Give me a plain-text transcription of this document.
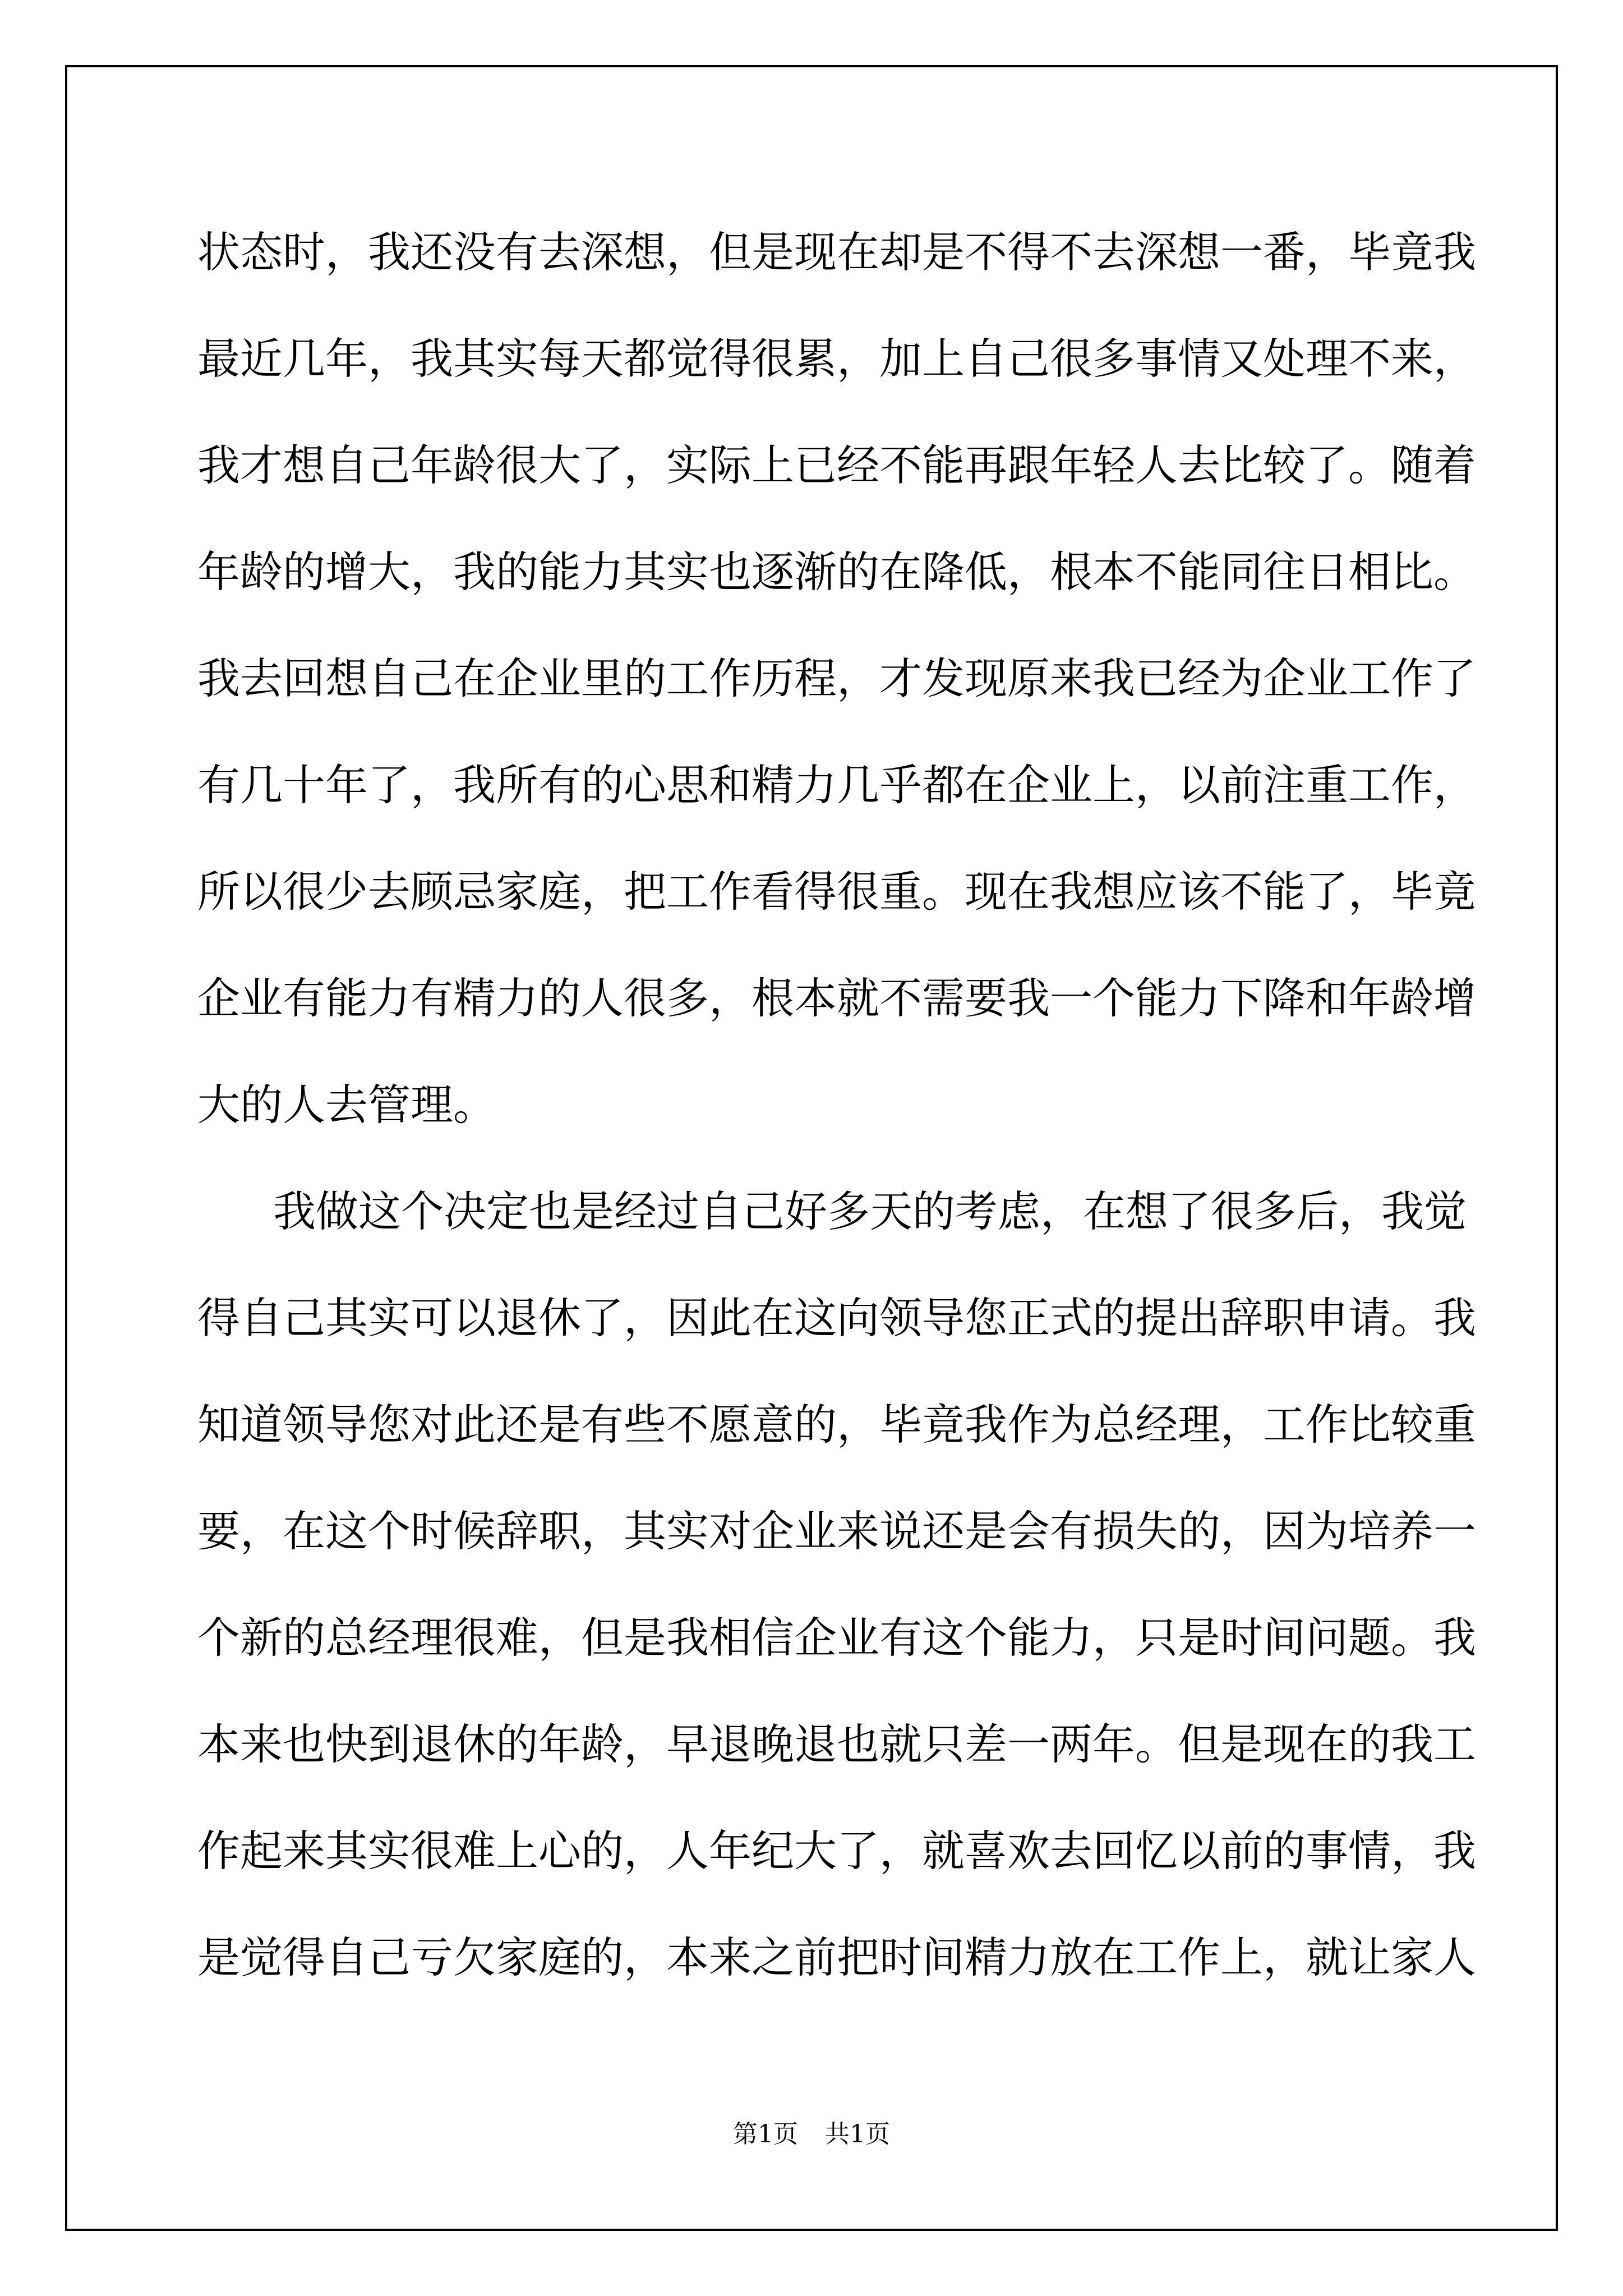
状态时，我还没有去深想，但是现在却是不得不去深想一番，毕竟我
最近几年，我其实每天都觉得很累，加上自己很多事情又处理不来，
我才想自己年龄很大了，实际上已经不能再跟年轻人去比较了。随着
年龄的增大，我的能力其实也逐渐的在降低，根本不能同往日相比。
我去回想自己在企业里的工作历程，才发现原来我已经为企业工作了
有几十年了，我所有的心思和精力几乎都在企业上，以前注重工作，
所以很少去顾忌家庭，把工作看得很重。现在我想应该不能了，毕竟
企业有能力有精力的人很多，根本就不需要我一个能力下降和年龄增
大的人去管理。
我做这个决定也是经过自己好多天的考虑，在想了很多后，我觉
得自己其实可以退休了，因此在这向领导您正式的提出辞职申请。我
知道领导您对此还是有些不愿意的，毕竟我作为总经理，工作比较重
要，在这个时候辞职，其实对企业来说还是会有损失的，因为培养一
个新的总经理很难，但是我相信企业有这个能力，只是时间问题。我
本来也快到退休的年龄，早退晚退也就只差一两年。但是现在的我工
作起来其实很难上心的，人年纪大了，就喜欢去回忆以前的事情，我
是觉得自己亏欠家庭的，本来之前把时间精力放在工作上，就让家人
第1页 共1页
